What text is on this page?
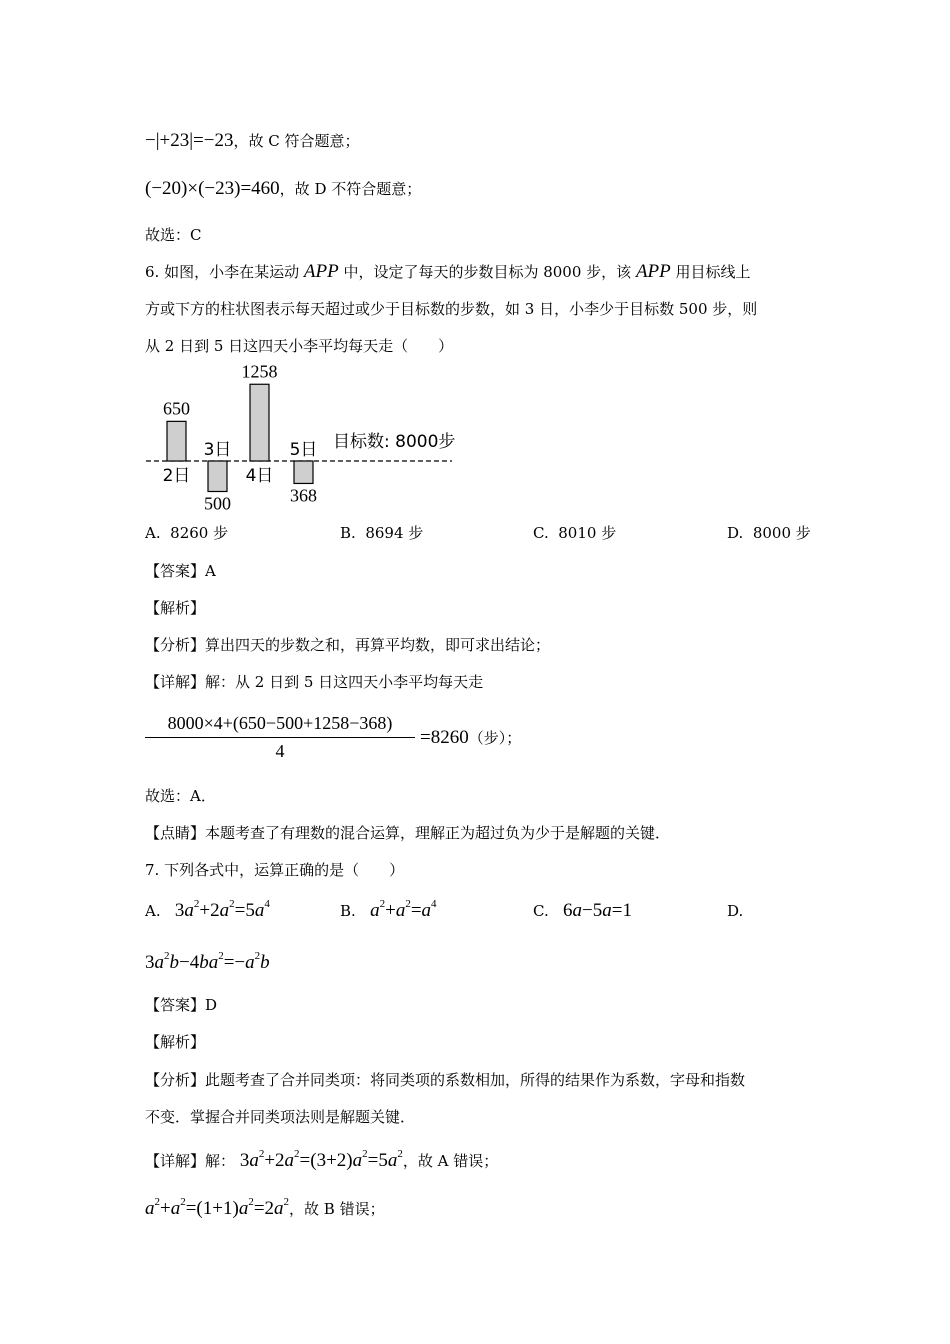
−|+23|=−23，故 C 符合题意；
(−20)×(−23)=460，故 D 不符合题意；
故选：C
6. 如图，小李在某运动 APP 中，设定了每天的步数目标为 8000 步，该 APP 用目标线上
方或下方的柱状图表示每天超过或少于目标数的步数，如 3 日，小李少于目标数 500 步，则
从 2 日到 5 日这四天小李平均每天走（　　）
650
2日
500
3日
1258
4日
368
5日 目标数: 8000步
A. 8260 步	B. 8694 步	C. 8010 步	D. 8000 步
【答案】A
【解析】
【分析】算出四天的步数之和，再算平均数，即可求出结论；
【详解】解：从 2 日到 5 日这四天小李平均每天走
8000×4+(650−500+1258−368)
4
=8260（步）；
故选：A．
【点睛】本题考查了有理数的混合运算，理解正为超过负为少于是解题的关键．
7. 下列各式中，运算正确的是（　　）
A. $3a^2+2a^2=5a^4$	B. $a^2+a^2=a^4$	C. 6a−5a=1	D.
$3a^2b-4ba^2=-a^2b$
【答案】D
【解析】
【分析】此题考查了合并同类项：将同类项的系数相加，所得的结果作为系数，字母和指数
不变．掌握合并同类项法则是解题关键．
【详解】解： $3a^2+2a^2=(3+2)a^2=5a^2$，故 A 错误；
$a^2+a^2=(1+1)a^2=2a^2$，故 B 错误；
